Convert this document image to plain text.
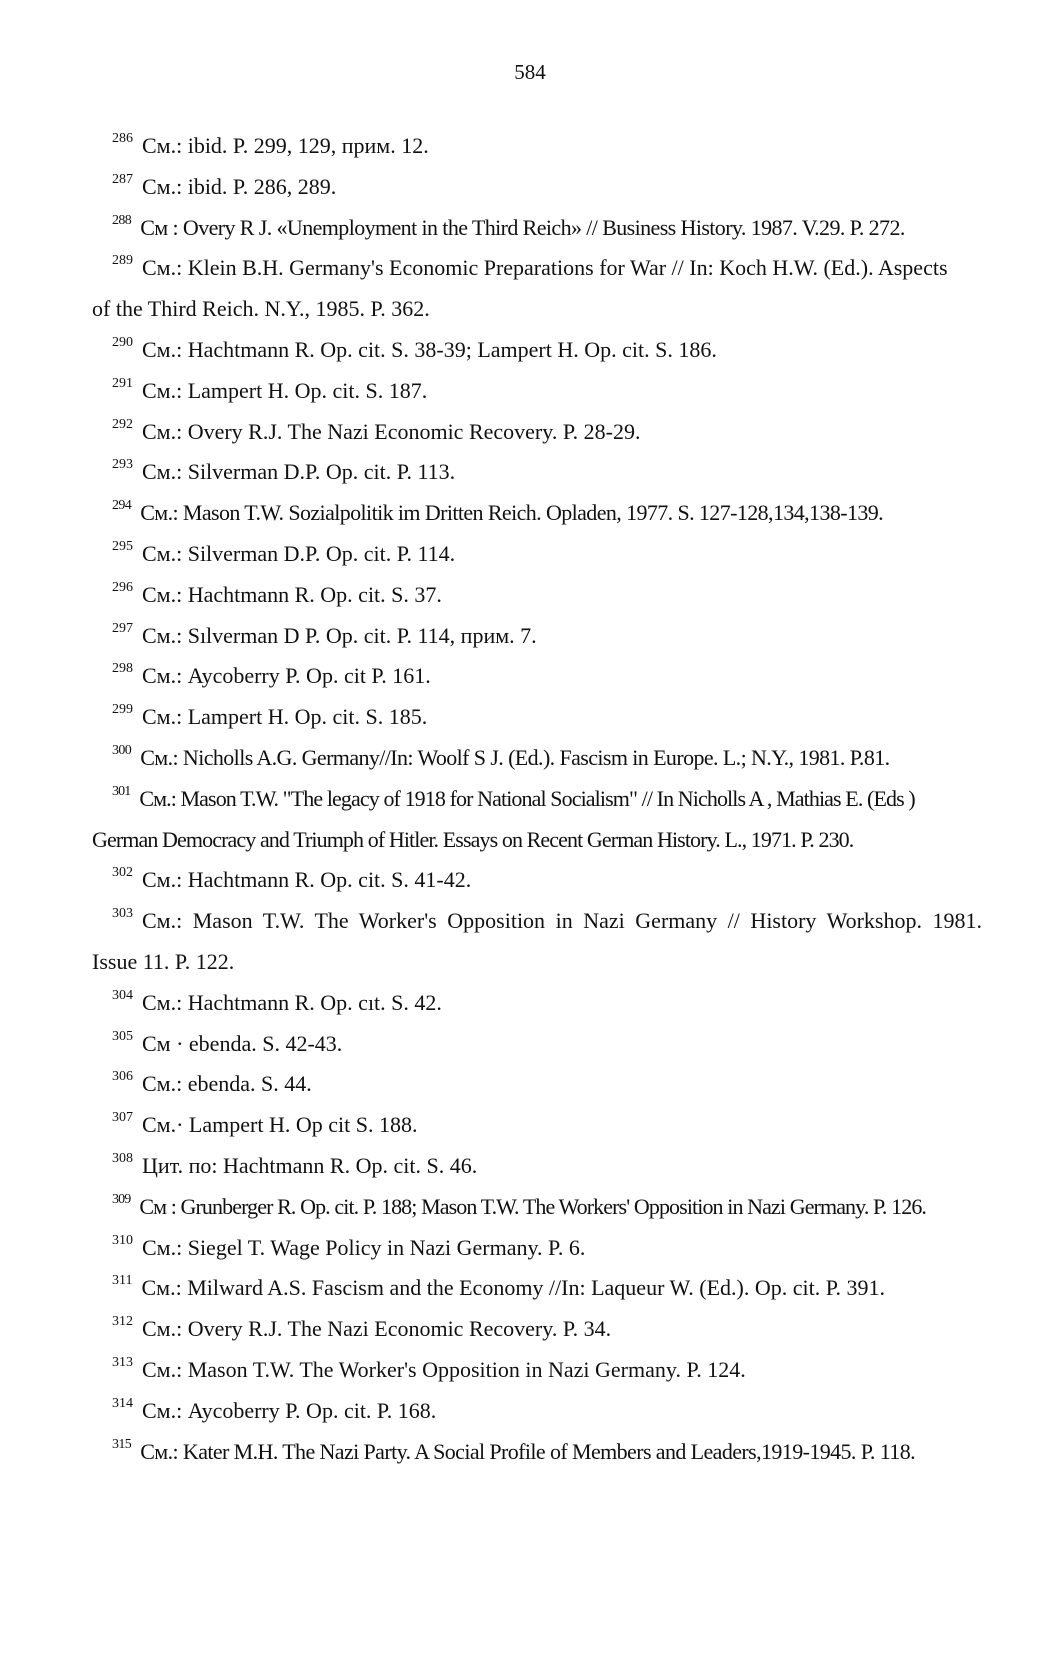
584
$^{286}$ См.: ibid. P. 299, 129, прим. 12.
$^{287}$ См.: ibid. P. 286, 289.
$^{288}$ См : Overy R J. «Unemployment in the Third Reich» // Business History. 1987. V.29. P. 272.
$^{289}$ См.: Klein B.H. Germany's Economic Preparations for War // In: Koch H.W. (Ed.). Aspects
of the Third Reich. N.Y., 1985. P. 362.
$^{290}$ См.: Hachtmann R. Op. cit. S. 38-39; Lampert H. Op. cit. S. 186.
$^{291}$ См.: Lampert H. Op. cit. S. 187.
$^{292}$ См.: Overy R.J. The Nazi Economic Recovery. P. 28-29.
$^{293}$ См.: Silverman D.P. Op. cit. P. 113.
$^{294}$ См.: Mason T.W. Sozialpolitik im Dritten Reich. Opladen, 1977. S. 127-128,134,138-139.
$^{295}$ См.: Silverman D.P. Op. cit. P. 114.
$^{296}$ См.: Hachtmann R. Op. cit. S. 37.
$^{297}$ См.: Sılverman D P. Op. cit. P. 114, прим. 7.
$^{298}$ См.: Aycoberry P. Op. cit P. 161.
$^{299}$ См.: Lampert H. Op. cit. S. 185.
$^{300}$ См.: Nicholls A.G. Germany//In: Woolf S J. (Ed.). Fascism in Europe. L.; N.Y., 1981. P.81.
$^{301}$ См.: Mason T.W. "The legacy of 1918 for National Socialism" // In Nicholls A , Mathias E. (Eds )
German Democracy and Triumph of Hitler. Essays on Recent German History. L., 1971. P. 230.
$^{302}$ См.: Hachtmann R. Op. cit. S. 41-42.
$^{303}$ См.: Mason T.W. The Worker's Opposition in Nazi Germany // History Workshop. 1981.
Issue 11. P. 122.
$^{304}$ См.: Hachtmann R. Op. cıt. S. 42.
$^{305}$ См · ebenda. S. 42-43.
$^{306}$ См.: ebenda. S. 44.
$^{307}$ См.· Lampert H. Op cit S. 188.
$^{308}$ Цит. по: Hachtmann R. Op. cit. S. 46.
$^{309}$ См : Grunberger R. Op. cit. P. 188; Mason T.W. The Workers' Opposition in Nazi Germany. P. 126.
$^{310}$ См.: Siegel T. Wage Policy in Nazi Germany. P. 6.
$^{311}$ См.: Milward A.S. Fascism and the Economy //In: Laqueur W. (Ed.). Op. cit. P. 391.
$^{312}$ См.: Overy R.J. The Nazi Economic Recovery. P. 34.
$^{313}$ См.: Mason T.W. The Worker's Opposition in Nazi Germany. P. 124.
$^{314}$ См.: Aycoberry P. Op. cit. P. 168.
$^{315}$ См.: Kater M.H. The Nazi Party. A Social Profile of Members and Leaders,1919-1945. P. 118.
